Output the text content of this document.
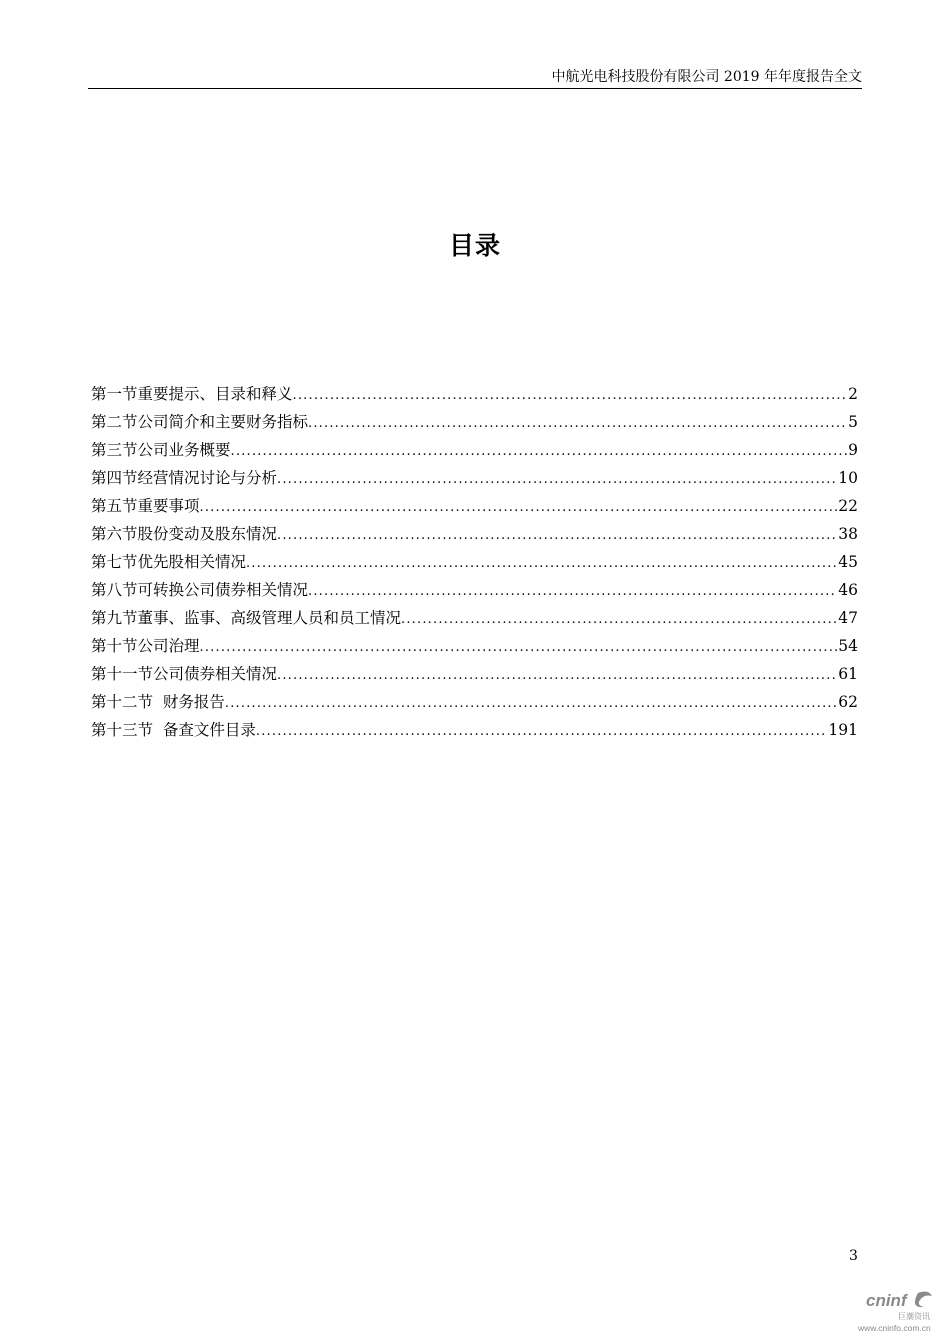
中航光电科技股份有限公司 2019 年年度报告全文
目录
第一节重要提示、目录和释义 .....	2
第二节公司简介和主要财务指标 .....	5
第三节公司业务概要 .....	9
第四节经营情况讨论与分析 .....	10
第五节重要事项 .....	22
第六节股份变动及股东情况 .....	38
第七节优先股相关情况 .....	45
第八节可转换公司债券相关情况 .....	46
第九节董事、监事、高级管理人员和员工情况 .....	47
第十节公司治理 .....	54
第十一节公司债券相关情况 .....	61
第十二节  财务报告 .....	62
第十三节  备查文件目录 .....	191
3
cninf
巨潮资讯
www.cninfo.com.cn
